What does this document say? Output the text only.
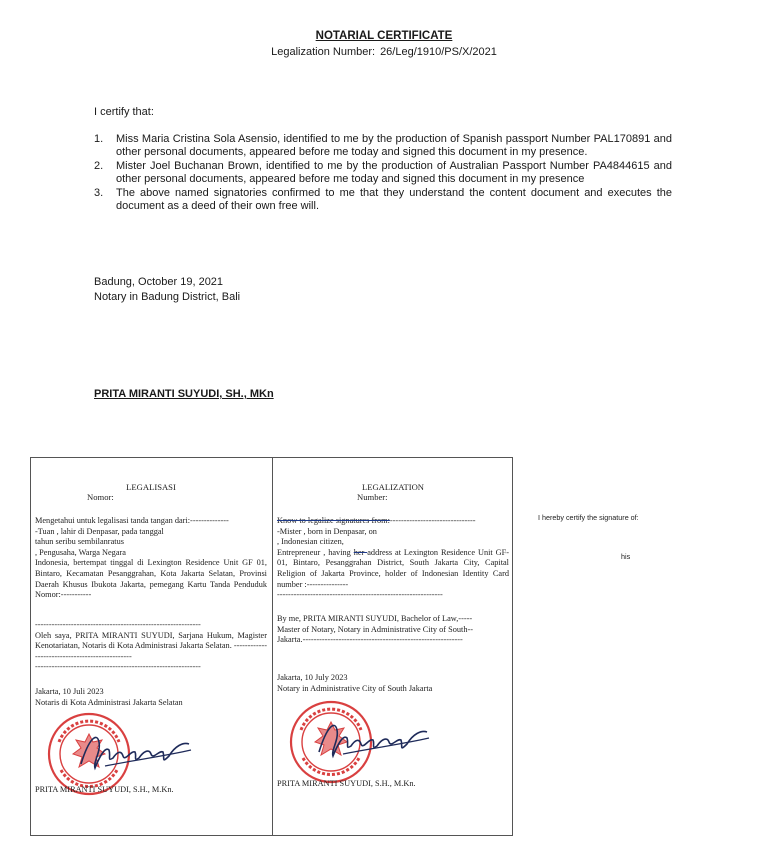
NOTARIAL CERTIFICATE
Legalization Number: 26/Leg/1910/PS/X/2021
I certify that:
1. Miss Maria Cristina Sola Asensio, identified to me by the production of Spanish passport Number PAL170891 and other personal documents, appeared before me today and signed this document in my presence.
2. Mister Joel Buchanan Brown, identified to me by the production of Australian Passport Number PA4844615 and other personal documents, appeared before me today and signed this document in my presence
3. The above named signatories confirmed to me that they understand the content document and executes the document as a deed of their own free will.
Badung, October 19, 2021
Notary in Badung District, Bali
PRITA MIRANTI SUYUDI, SH., MKn
LEGALISASI
Nomor:
Mengetahui untuk legalisasi tanda tangan dari:--------------
-Tuan , lahir di Denpasar, pada tanggal
tahun seribu sembilanratus
, Pengusaha, Warga Negara
Indonesia, bertempat tinggal di Lexington Residence Unit GF 01, Bintaro, Kecamatan Pesanggrahan, Kota Jakarta Selatan, Provinsi Daerah Khusus Ibukota Jakarta, pemegang Kartu Tanda Penduduk Nomor:-----------
------------------------------------------------------------
Oleh saya, PRITA MIRANTI SUYUDI, Sarjana Hukum, Magister Kenotariatan, Notaris di Kota Administrasi Jakarta Selatan. -----------------------------------------------
------------------------------------------------------------
Jakarta, 10 Juli 2023
Notaris di Kota Administrasi Jakarta Selatan
PRITA MIRANTI SUYUDI, S.H., M.Kn.
LEGALIZATION
Number:
Know to legalize signatures from:-------------------------------
-Mister , born in Denpasar, on
, Indonesian citizen,
Entrepreneur , having her address at Lexington Residence Unit GF-01, Bintaro, Pesanggrahan District, South Jakarta City, Capital Religion of Jakarta Province, holder of Indonesian Identity Card number :---------------
------------------------------------------------------------
By me, PRITA MIRANTI SUYUDI, Bachelor of Law,-----
Master of Notary, Notary in Administrative City of South--
Jakarta.----------------------------------------------------------
Jakarta, 10 July 2023
Notary in Administrative City of South Jakarta
PRITA MIRANTI SUYUDI, S.H., M.Kn.
I hereby certify the signature of:
his
